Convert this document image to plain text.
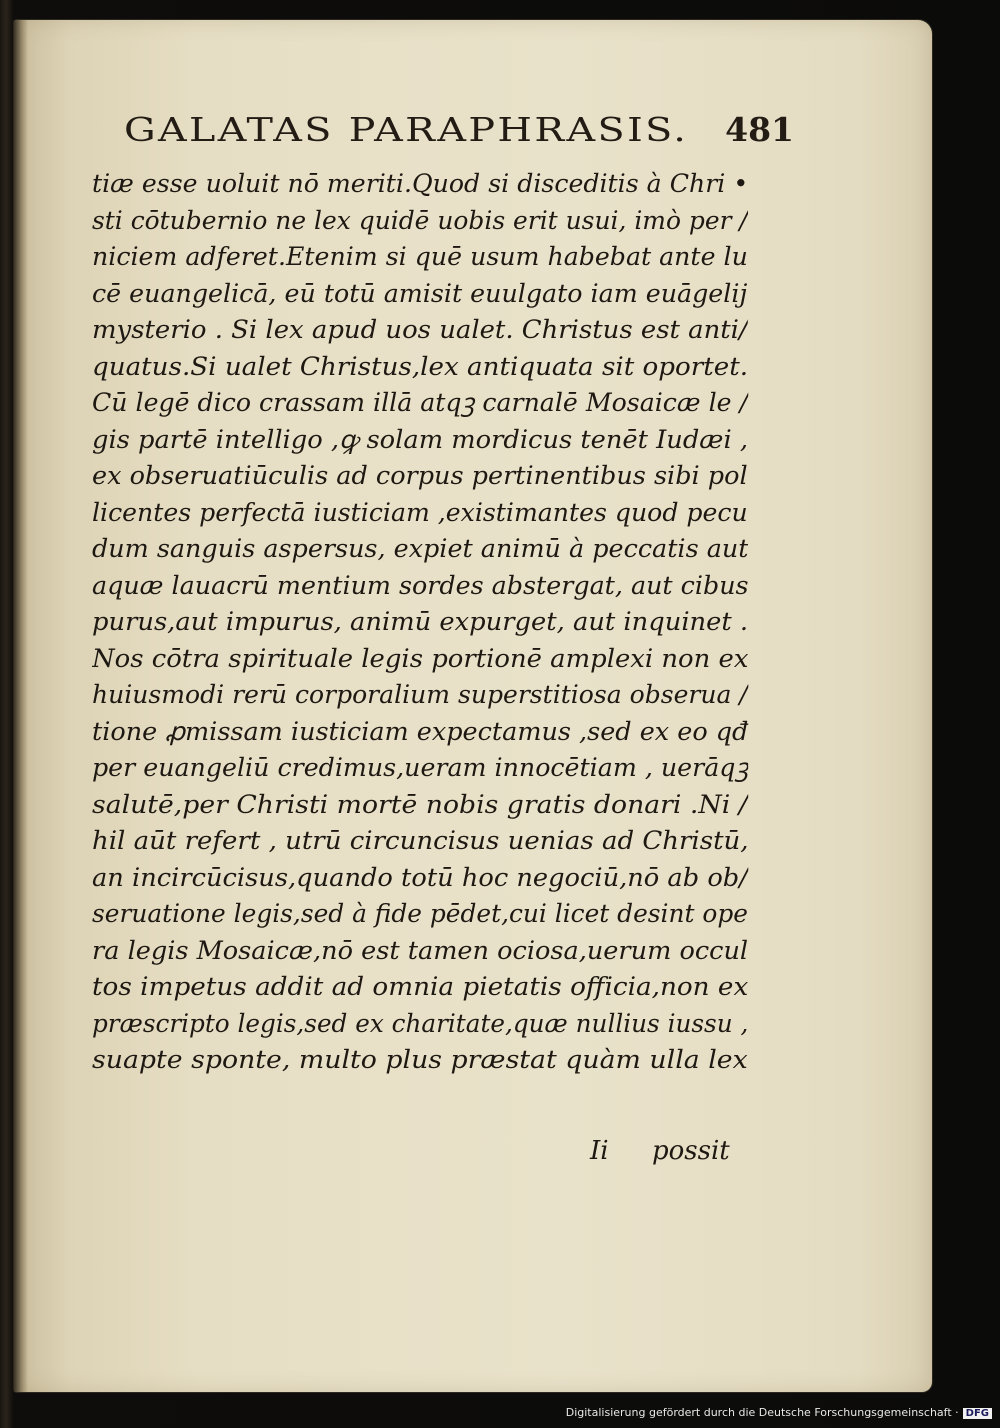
GALATAS PARAPHRASIS. 481
tiæ esse uoluit nō meriti.Quod si disceditis à Chri •
sti cōtubernio ne lex quidē uobis erit usui, imò per /
niciem adferet.Etenim si quē usum habebat ante lu
cē euangelicā, eū totū amisit euulgato iam euāgelij
mysterio . Si lex apud uos ualet. Christus est anti/
quatus.Si ualet Christus,lex antiquata sit oportet.
Cū legē dico crassam illā atqꝫ carnalē Mosaicæ le /
gis partē intelligo ,ꝙ solam mordicus tenēt Iudæi ,
ex obseruatiūculis ad corpus pertinentibus sibi pol
licentes perfectā iusticiam ,existimantes quod pecu
dum sanguis aspersus, expiet animū à peccatis aut
aquæ lauacrū mentium sordes abstergat, aut cibus
purus,aut impurus, animū expurget, aut inquinet .
Nos cōtra spirituale legis portionē amplexi non ex
huiusmodi rerū corporalium superstitiosa obserua /
tione ꝓmissam iusticiam expectamus ,sed ex eo qđ
per euangeliū credimus,ueram innocētiam , uerāqꝫ
salutē,per Christi mortē nobis gratis donari .Ni /
hil aūt refert , utrū circuncisus uenias ad Christū,
an incircūcisus,quando totū hoc negociū,nō ab ob/
seruatione legis,sed à fide pēdet,cui licet desint ope
ra legis Mosaicæ,nō est tamen ociosa,uerum occul
tos impetus addit ad omnia pietatis officia,non ex
præscripto legis,sed ex charitate,quæ nullius iussu ,
suapte sponte, multo plus præstat quàm ulla lex
Ii possit
Digitalisierung gefördert durch die Deutsche Forschungsgemeinschaft · DFG
